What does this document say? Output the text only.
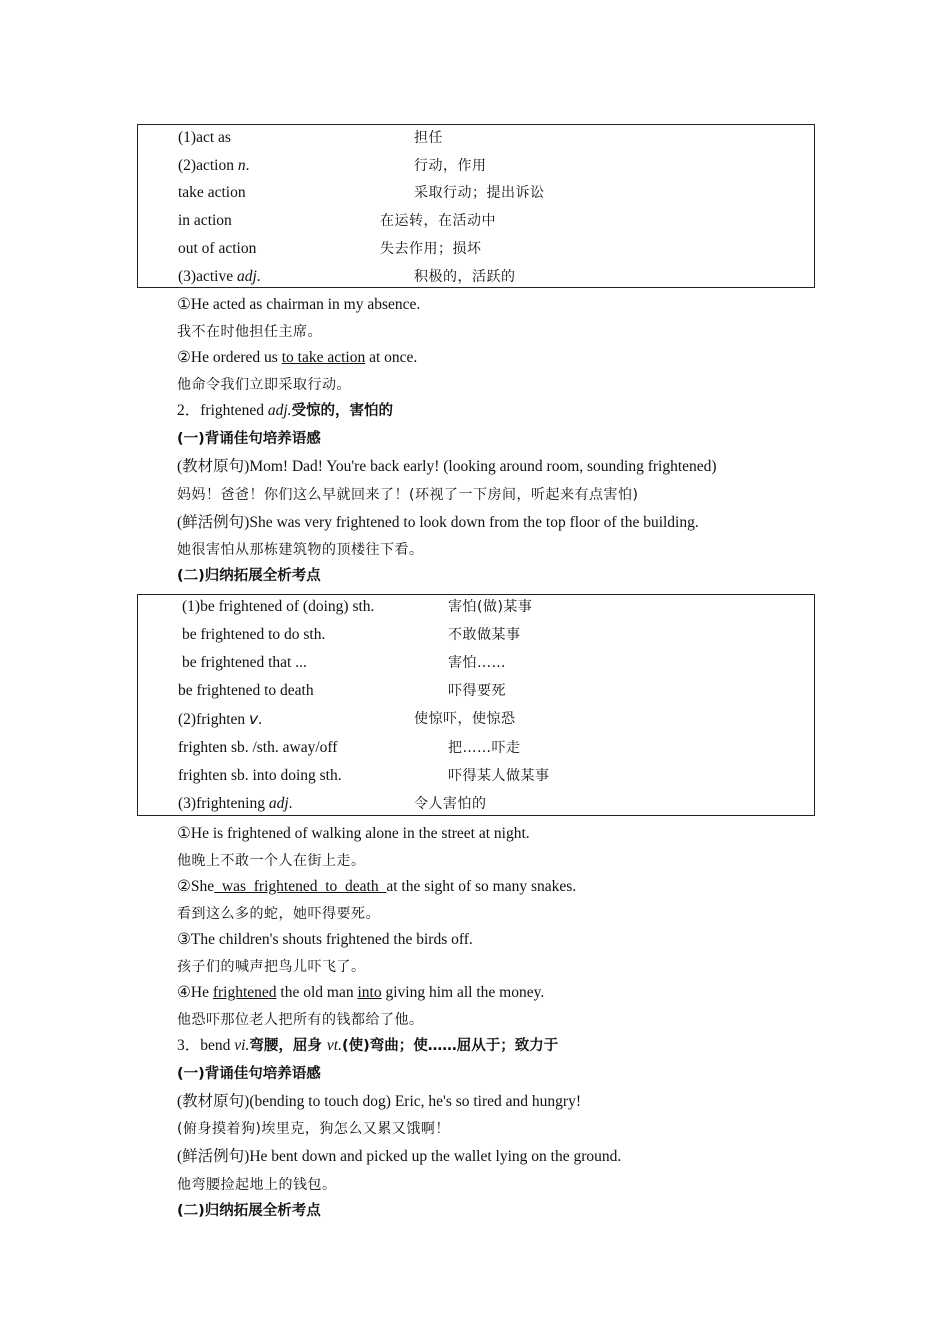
(1)act as	担任
(2)action n.	行动，作用
take action	采取行动；提出诉讼
in action	在运转，在活动中
out of action	失去作用；损坏
(3)active adj.	积极的，活跃的
①He acted as chairman in my absence.
我不在时他担任主席。
②He ordered us to take action at once.
他命令我们立即采取行动。
2．frightened adj.受惊的，害怕的
(一)背诵佳句培养语感
(教材原句)Mom! Dad! You're back early! (looking around room, sounding frightened)
妈妈！爸爸！你们这么早就回来了！(环视了一下房间，听起来有点害怕)
(鲜活例句)She was very frightened to look down from the top floor of the building.
她很害怕从那栋建筑物的顶楼往下看。
(二)归纳拓展全析考点
(1)be frightened of (doing) sth.	害怕(做)某事
be frightened to do sth.	不敢做某事
be frightened that ...	害怕……
be frightened to death	吓得要死
(2)frighten v.	使惊吓，使惊恐
frighten sb. /sth. away/off	把……吓走
frighten sb. into doing sth.	吓得某人做某事
(3)frightening adj.	令人害怕的
①He is frightened of walking alone in the street at night.
他晚上不敢一个人在街上走。
②She  was  frightened  to  death  at the sight of so many snakes.
看到这么多的蛇，她吓得要死。
③The children's shouts frightened the birds off.
孩子们的喊声把鸟儿吓飞了。
④He frightened the old man into giving him all the money.
他恐吓那位老人把所有的钱都给了他。
3．bend vi.弯腰，屈身 vt.(使)弯曲；使……屈从于；致力于
(一)背诵佳句培养语感
(教材原句)(bending to touch dog) Eric, he's so tired and hungry!
(俯身摸着狗)埃里克，狗怎么又累又饿啊！
(鲜活例句)He bent down and picked up the wallet lying on the ground.
他弯腰捡起地上的钱包。
(二)归纳拓展全析考点
